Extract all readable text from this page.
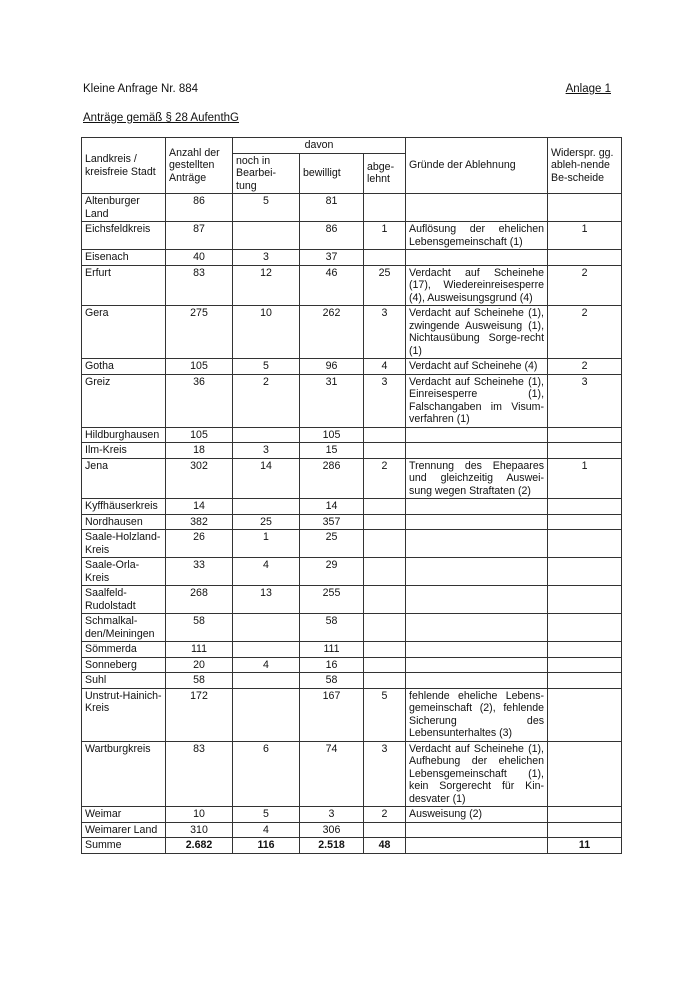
Kleine Anfrage Nr. 884	Anlage 1
Anträge gemäß § 28 AufenthG
Landkreis / kreisfreie Stadt	Anzahl der gestellten Anträge	davon			Gründe der Ablehnung	Widerspr. gg. ableh-nende Be-scheide
		noch in Bearbei-tung	bewilligt	abge-lehnt		
Altenburger Land	86	5	81			
Eichsfeldkreis	87		86	1	Auflösung der ehelichen Lebensgemeinschaft (1)	1
Eisenach	40	3	37			
Erfurt	83	12	46	25	Verdacht auf Scheinehe (17), Wiedereinreisesperre (4), Ausweisungsgrund (4)	2
Gera	275	10	262	3	Verdacht auf Scheinehe (1), zwingende Ausweisung (1), Nichtausübung Sorge-recht (1)	2
Gotha	105	5	96	4	Verdacht auf Scheinehe (4)	2
Greiz	36	2	31	3	Verdacht auf Scheinehe (1), Einreisesperre (1), Falschangaben im Visum-verfahren (1)	3
Hildburghausen	105		105			
Ilm-Kreis	18	3	15			
Jena	302	14	286	2	Trennung des Ehepaares und gleichzeitig Auswei-sung wegen Straftaten (2)	1
Kyffhäuserkreis	14		14			
Nordhausen	382	25	357			
Saale-Holzland-Kreis	26	1	25			
Saale-Orla-Kreis	33	4	29			
Saalfeld-Rudolstadt	268	13	255			
Schmalkal-den/Meiningen	58		58			
Sömmerda	111		111			
Sonneberg	20	4	16			
Suhl	58		58			
Unstrut-Hainich-Kreis	172		167	5	fehlende eheliche Lebens-gemeinschaft (2), fehlende Sicherung des Lebensunterhaltes (3)	
Wartburgkreis	83	6	74	3	Verdacht auf Scheinehe (1), Aufhebung der ehelichen Lebensgemeinschaft (1), kein Sorgerecht für Kin-desvater (1)	
Weimar	10	5	3	2	Ausweisung (2)	
Weimarer Land	310	4	306			
Summe	2.682	116	2.518	48		11
